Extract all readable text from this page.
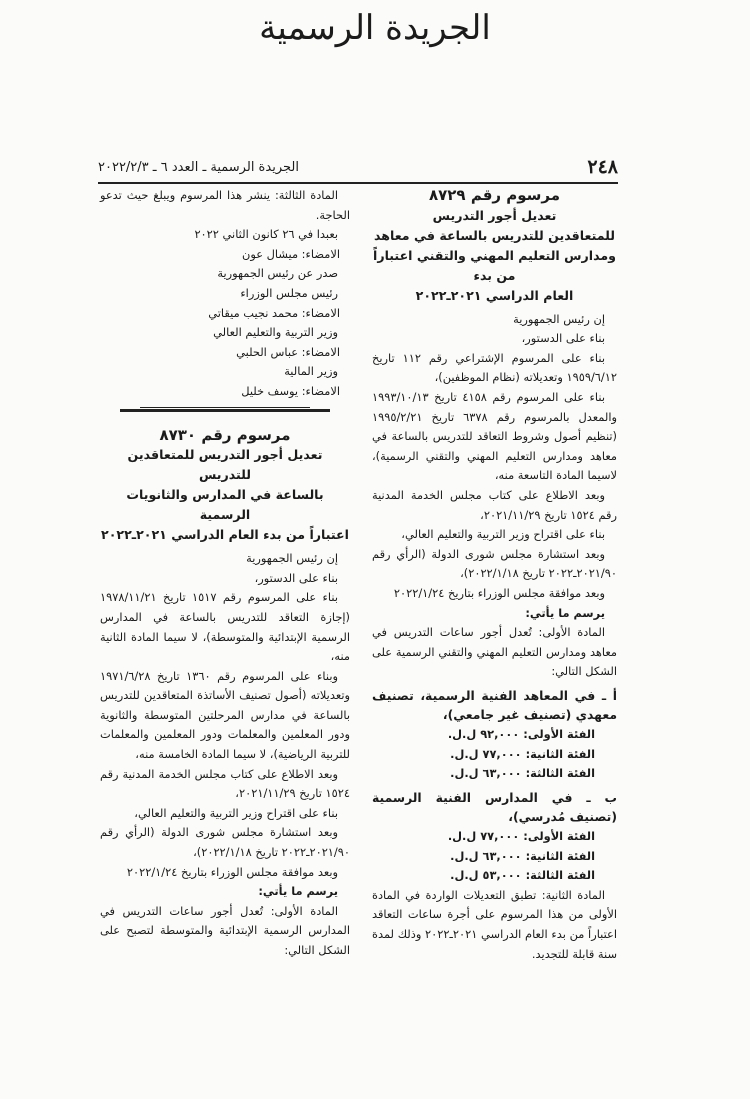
الجريدة الرسمية
٢٤٨
الجريدة الرسمية ـ العدد ٦ ـ ٢٠٢٢/٢/٣

مرسوم رقم ٨٧٢٩

تعديل أجور التدريس

للمتعاقدين للتدريس بالساعة في معاهد

ومدارس التعليم المهني والتقني اعتباراً من بدء

العام الدراسي ٢٠٢١ـ٢٠٢٢

إن رئيس الجمهورية

بناء على الدستور،

بناء على المرسوم الإشتراعي رقم ١١٢ تاريخ ١٩٥٩/٦/١٢ وتعديلاته (نظام الموظفين)،

بناء على المرسوم رقم ٤١٥٨ تاريخ ١٩٩٣/١٠/١٣ والمعدل بالمرسوم رقم ٦٣٧٨ تاريخ ١٩٩٥/٢/٢١ (تنظيم أصول وشروط التعاقد للتدريس بالساعة في معاهد ومدارس التعليم المهني والتقني الرسمية)، لاسيما المادة التاسعة منه،

وبعد الاطلاع على كتاب مجلس الخدمة المدنية رقم ١٥٢٤ تاريخ ٢٠٢١/١١/٢٩،

بناء على اقتراح وزير التربية والتعليم العالي،

وبعد استشارة مجلس شورى الدولة (الرأي رقم ٢٠٢١/٩٠ـ٢٠٢٢ تاريخ ٢٠٢٢/١/١٨)،

وبعد موافقة مجلس الوزراء بتاريخ ٢٠٢٢/١/٢٤

يرسم ما يأتي:

المادة الأولى: تُعدل أجور ساعات التدريس في معاهد ومدارس التعليم المهني والتقني الرسمية على الشكل التالي:

أ ـ في المعاهد الفنية الرسمية، تصنيف معهدي (تصنيف غير جامعي)،

الفئة الأولى: ٩٢,٠٠٠ ل.ل.

الفئة الثانية: ٧٧,٠٠٠ ل.ل.

الفئة الثالثة: ٦٣,٠٠٠ ل.ل.

ب ـ في المدارس الفنية الرسمية (تصنيف مُدرسي)،

الفئة الأولى: ٧٧,٠٠٠ ل.ل.

الفئة الثانية: ٦٣,٠٠٠ ل.ل.

الفئة الثالثة: ٥٣,٠٠٠ ل.ل.

المادة الثانية: تطبق التعديلات الواردة في المادة الأولى من هذا المرسوم على أجرة ساعات التعاقد اعتباراً من بدء العام الدراسي ٢٠٢١ـ٢٠٢٢ وذلك لمدة سنة قابلة للتجديد.

المادة الثالثة: ينشر هذا المرسوم ويبلغ حيث تدعو الحاجة.

بعبدا في ٢٦ كانون الثاني ٢٠٢٢

الامضاء: ميشال عون

صدر عن رئيس الجمهورية

رئيس مجلس الوزراء

الامضاء: محمد نجيب ميقاتي

وزير التربية والتعليم العالي

الامضاء: عباس الحلبي

وزير المالية

الامضاء: يوسف خليل

مرسوم رقم ٨٧٣٠

تعديل أجور التدريس للمتعاقدين للتدريس

بالساعة في المدارس والثانويات الرسمية

اعتباراً من بدء العام الدراسي ٢٠٢١ـ٢٠٢٢

إن رئيس الجمهورية

بناء على الدستور،

بناء على المرسوم رقم ١٥١٧ تاريخ ١٩٧٨/١١/٢١ (إجازة التعاقد للتدريس بالساعة في المدارس الرسمية الإبتدائية والمتوسطة)، لا سيما المادة الثانية منه،

وبناء على المرسوم رقم ١٣٦٠ تاريخ ١٩٧١/٦/٢٨ وتعديلاته (أصول تصنيف الأساتذة المتعاقدين للتدريس بالساعة في مدارس المرحلتين المتوسطة والثانوية ودور المعلمين والمعلمات ودور المعلمين والمعلمات للتربية الرياضية)، لا سيما المادة الخامسة منه،

وبعد الاطلاع على كتاب مجلس الخدمة المدنية رقم ١٥٢٤ تاريخ ٢٠٢١/١١/٢٩،

بناء على اقتراح وزير التربية والتعليم العالي،

وبعد استشارة مجلس شورى الدولة (الرأي رقم ٢٠٢١/٩٠ـ٢٠٢٢ تاريخ ٢٠٢٢/١/١٨)،

وبعد موافقة مجلس الوزراء بتاريخ ٢٠٢٢/١/٢٤

يرسم ما يأتي:

المادة الأولى: تُعدل أجور ساعات التدريس في المدارس الرسمية الإبتدائية والمتوسطة لتصبح على الشكل التالي:
